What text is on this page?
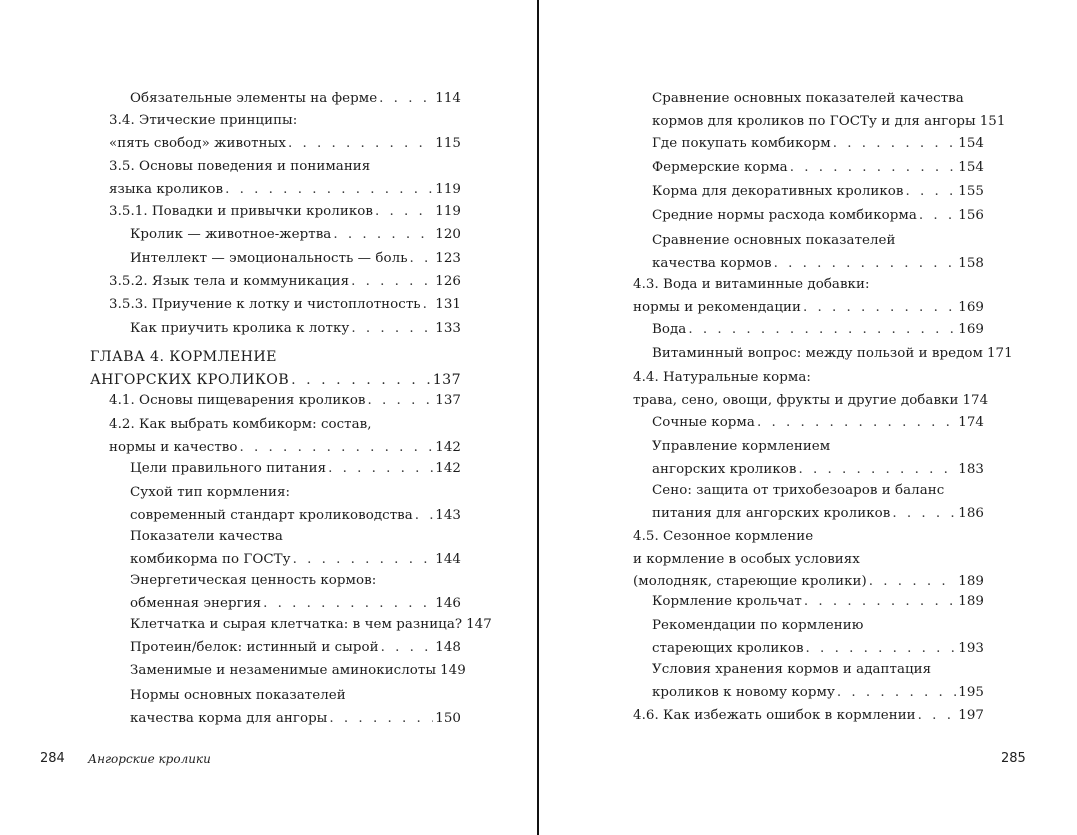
Обязательные элементы на ферме . . .	114
3.4. Этические принципы:
«пять свобод» животных . . .	115
3.5. Основы поведения и понимания
языка кроликов . . .	119
3.5.1. Повадки и привычки кроликов . . .	119
Кролик — животное-жертва . . .	120
Интеллект — эмоциональность — боль . . . 123
3.5.2. Язык тела и коммуникация . . .	126
3.5.3. Приучение к лотку и чистоплотность . . . 131
Как приучить кролика к лотку . . .	133
ГЛАВА 4. КОРМЛЕНИЕ
АНГОРСКИХ КРОЛИКОВ . . .	137
4.1. Основы пищеварения кроликов . . .	137
4.2. Как выбрать комбикорм: состав,
нормы и качество . . .	142
Цели правильного питания . . .	142
Сухой тип кормления:
современный стандарт кролиководства . . . 143
Показатели качества
комбикорма по ГОСТу . . .	144
Энергетическая ценность кормов:
обменная энергия . . .	146
Клетчатка и сырая клетчатка: в чем разница? 147
Протеин/белок: истинный и сырой . . .	148
Заменимые и незаменимые аминокислоты 149
Нормы основных показателей
качества корма для ангоры . . .	150
Сравнение основных показателей качества
кормов для кроликов по ГОСТу и для ангоры 151
Где покупать комбикорм . . .	154
Фермерские корма . . .	154
Корма для декоративных кроликов . . .	155
Средние нормы расхода комбикорма . . .	156
Сравнение основных показателей
качества кормов . . .	158
4.3. Вода и витаминные добавки:
нормы и рекомендации . . .	169
Вода . . .	169
Витаминный вопрос: между пользой и вредом 171
4.4. Натуральные корма:
трава, сено, овощи, фрукты и другие добавки 174
Сочные корма . . .	174
Управление кормлением
ангорских кроликов . . .	183
Сено: защита от трихобезоаров и баланс
питания для ангорских кроликов . . .	186
4.5. Сезонное кормление
и кормление в особых условиях
(молодняк, стареющие кролики) . . .	189
Кормление крольчат . . .	189
Рекомендации по кормлению
стареющих кроликов . . .	193
Условия хранения кормов и адаптация
кроликов к новому корму . . .	195
4.6. Как избежать ошибок в кормлении . . .	197
284 Ангорские кролики	285
